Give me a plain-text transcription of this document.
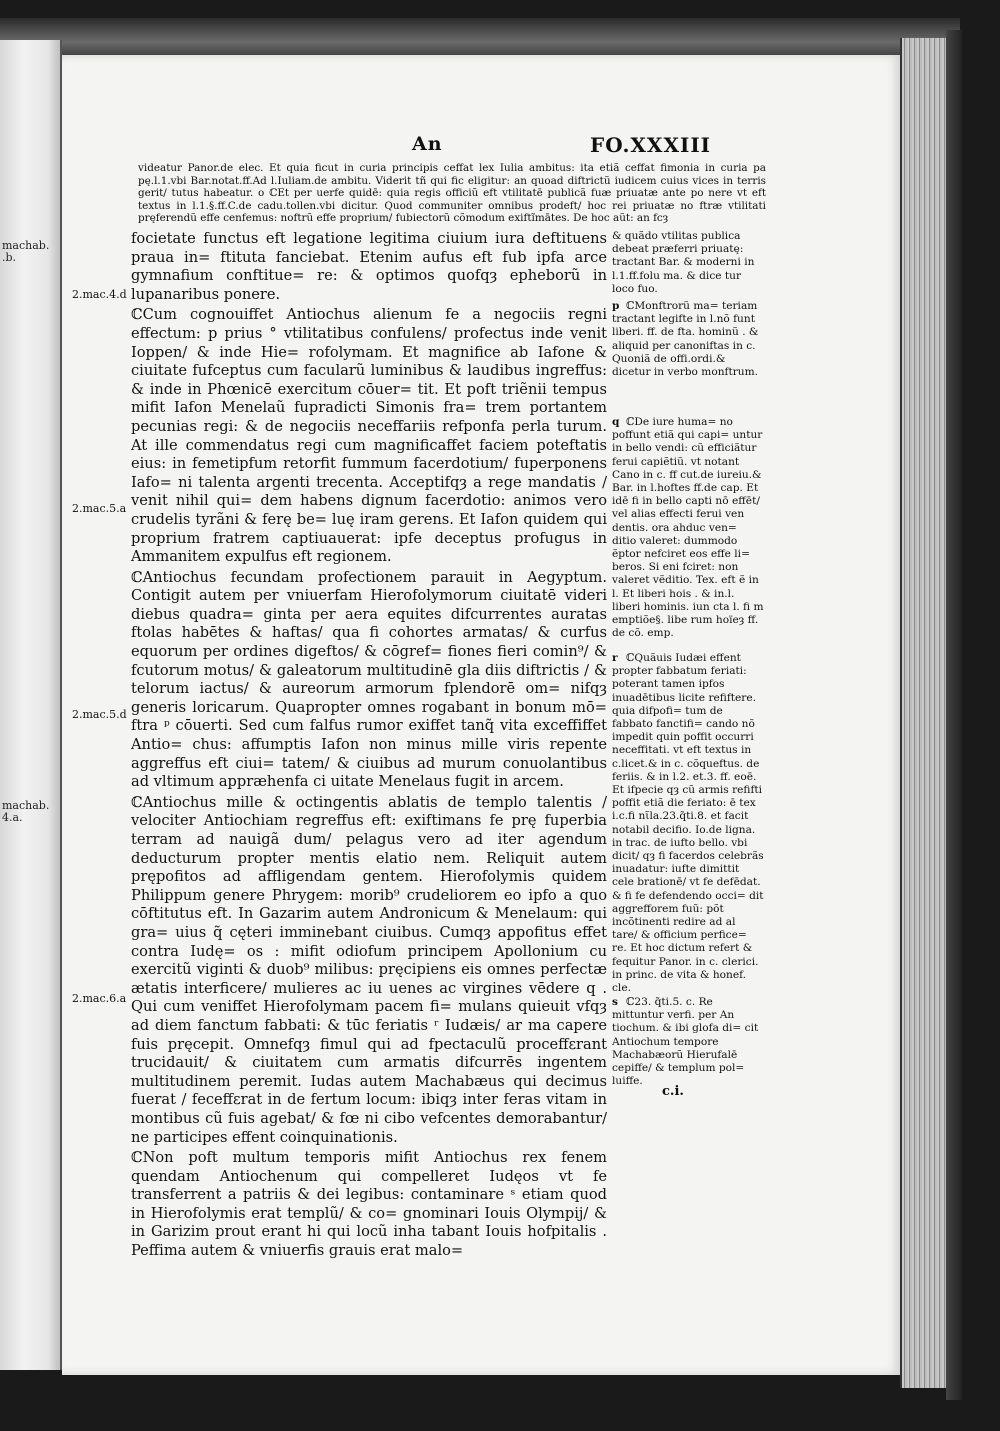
machab. .b.
machab. 4.a.
An	FO.XXXIII

videatur Panor.de elec. Et quia ficut in curia principis ceffat lex Iulia ambitus: ita etiã ceffat fimonia in curia pa pę.l.1.vbi Bar.notat.ff.Ad l.Iuliam.de ambitu. Viderit tñ qui fic eligitur: an quoad diftrictũ iudicem cuius vices in terris gerit/ tutus habeatur. o ℂEt per uerfe quidē: quia regis officiũ eft vtilitatē publicã fuæ priuatæ ante po nere vt eft textus in l.1.§.ff.C.de cadu.tollen.vbi dicitur. Quod communiter omnibus prodeft/ hoc rei priuatæ no ftræ vtilitati pręferendũ effe cenfemus: noftrũ effe proprium/ fubiectorũ cõmodum exiftĩmātes. De hoc aũt: an fcȝ

2.mac.4.d
2.mac.5.a
2.mac.5.d
2.mac.6.a

focietate functus eft legatione legitima ciuium iura deftituens praua in= ftituta fanciebat. Etenim aufus eft fub ipfa arce gymnafium conftitue= re: & optimos quofqȝ epheborũ in lupanaribus ponere.

ℂCum cognouiffet Antiochus alienum fe a negociis regni effectum: p prius ° vtilitatibus confulens/ profectus inde venit Ioppen/ & inde Hie= rofolymam. Et magnifice ab Iafone & ciuitate fufceptus cum facularũ luminibus & laudibus ingreffus: & inde in Phœnicē exercitum cōuer= tit. Et poft triẽnii tempus mifit Iafon Menelaũ fupradicti Simonis fra= trem portantem pecunias regi: & de negociis neceffariis refponfa perla turum. At ille commendatus regi cum magnificaffet faciem poteftatis eius: in femetipfum retorfit fummum facerdotium/ fuperponens Iafo= ni talenta argenti trecenta. Acceptifqȝ a rege mandatis / venit nihil qui= dem habens dignum facerdotio: animos vero crudelis tyrãni & ferę be= luę iram gerens. Et Iafon quidem qui proprium fratrem captiuauerat: ipfe deceptus profugus in Ammanitem expulfus eft regionem.

ℂAntiochus fecundam profectionem parauit in Aegyptum. Contigit autem per vniuerfam Hierofolymorum ciuitatē videri diebus quadra= ginta per aera equites difcurrentes auratas ftolas habētes & haftas/ qua fi cohortes armatas/ & curfus equorum per ordines digeftos/ & cōgref= fiones fieri comin⁹/ & fcutorum motus/ & galeatorum multitudinē gla diis diftrictis / & telorum iactus/ & aureorum armorum fplendorē om= nifqȝ generis loricarum. Quapropter omnes rogabant in bonum mō= ftra ᵖ cōuerti. Sed cum falfus rumor exiffet tanq̃ vita exceffiffet Antio= chus: affumptis Iafon non minus mille viris repente aggreffus eft ciui= tatem/ & ciuibus ad murum conuolantibus ad vltimum appræhenfa ci uitate Menelaus fugit in arcem.

ℂAntiochus mille & octingentis ablatis de templo talentis / velociter Antiochiam regreffus eft: exiftimans fe prę fuperbia terram ad nauigã dum/ pelagus vero ad iter agendum deducturum propter mentis elatio nem. Reliquit autem prępofitos ad affligendam gentem. Hierofolymis quidem Philippum genere Phrygem: morib⁹ crudeliorem eo ipfo a quo cōftitutus eft. In Gazarim autem Andronicum & Menelaum: qui gra= uius q̃ cęteri imminebant ciuibus. Cumqȝ appofitus effet contra Iudę= os : mifit odiofum principem Apollonium cu exercitũ viginti & duob⁹ milibus: pręcipiens eis omnes perfectæ ætatis interficere/ mulieres ac iu uenes ac virgines vēdere q . Qui cum veniffet Hierofolymam pacem fi= mulans quieuit vfqȝ ad diem fanctum fabbati: & tūc feriatis ʳ Iudæis/ ar ma capere fuis pręcepit. Omnefqȝ fimul qui ad fpectaculũ proceffεrant trucidauit/ & ciuitatem cum armatis difcurrēs ingentem multitudinem peremit. Iudas autem Machabæus qui decimus fuerat / feceffεrat in de fertum locum: ibiqȝ inter feras vitam in montibus cũ fuis agebat/ & fœ ni cibo vefcentes demorabantur/ ne participes effent coinquinationis.

ℂNon poft multum temporis mifit Antiochus rex fenem quendam Antiochenum qui compelleret Iudęos vt fe transferrent a patriis & dei legibus: contaminare ˢ etiam quod in Hierofolymis erat templũ/ & co= gnominari Iouis Olympij/ & in Garizim prout erant hi qui locũ inha tabant Iouis hofpitalis . Peffima autem & vniuerfis grauis erat malo=

& quãdo vtilitas publica debeat præferri priuatę: tractant Bar. & moderni in l.1.ff.folu ma. & dice tur loco fuo.

p ℂMonftrorũ ma= teriam tractant legifte in l.nõ funt liberi. ff. de fta. hominũ . & aliquid per canoniftas in c. Quoniã de offi.ordi.& dicetur in verbo monftrum.

q ℂDe iure huma= no poffunt etiã qui capi= untur in bello vendi: cũ efficiãtur ferui capiẽtiũ. vt notant Cano in c. ff cut.de iureiu.& Bar. in l.hoftes ff.de cap. Et idē fi in bello capti nō effēt/ vel alias effecti ferui ven dentis. ora ahduc ven= ditio valeret: dummodo ẽptor nefciret eos effe li= beros. Si eni fciret: non valeret vẽditio. Tex. eft ẽ in l. Et liberi hois . & in.l. liberi hominis. iun cta l. fi m emptiõe§. libe rum hoïeȝ ff. de cõ. emp.

r ℂQuãuis Iudæi effent propter fabbatum feriati: poterant tamen ipfos inuadētibus licite refiftere. quia difpofi= tum de fabbato fanctifi= cando nõ impedit quin poffit occurri neceffitati. vt eft textus in c.licet.& in c. cõqueftus. de feriis. & in l.2. et.3. ff. eoē. Et ifpecie qȝ cũ armis refifti poffit etiã die feriato: ē tex i.c.fi nῖla.23.q̃ti.8. et facit notabil decifio. Io.de ligna. in trac. de iufto bello. vbi dicit/ qȝ fi facerdos celebrãs inuadatur: iufte dimittit cele brationē/ vt fe defēdat. & fi fe defendendo occi= dit aggrefforem fuũ: põt incõtinenti redire ad al tare/ & officium perfice= re. Et hoc dictum refert & fequitur Panor. in c. clerici. in princ. de vita & honef. cle.

s ℂ23. q̃ti.5. c. Re mittuntur verfi. per An tiochum. & ibi glofa di= cit Antiochum tempore Machabæorũ Hierufalē cepiffe/ & templum pol= luiffe.

c.i.
